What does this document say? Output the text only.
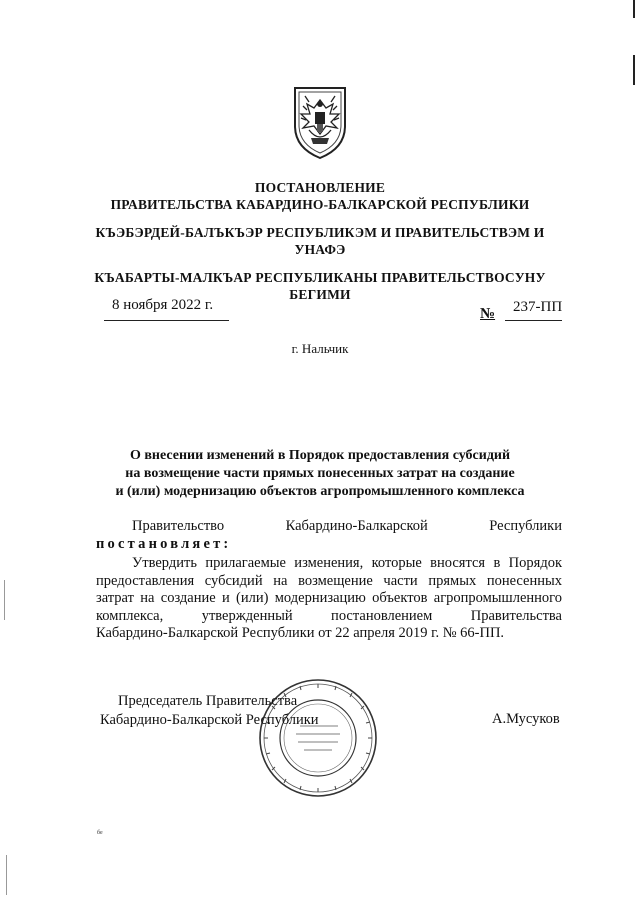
ПОСТАНОВЛЕНИЕ
ПРАВИТЕЛЬСТВА КАБАРДИНО-БАЛКАРСКОЙ РЕСПУБЛИКИ
КЪЭБЭРДЕЙ-БАЛЪКЪЭР РЕСПУБЛИКЭМ И ПРАВИТЕЛЬСТВЭМ И
УНАФЭ
КЪАБАРТЫ-МАЛКЪАР РЕСПУБЛИКАНЫ ПРАВИТЕЛЬСТВОСУНУ
БЕГИМИ
8 ноября 2022 г.
№ 237-ПП
г. Нальчик
О внесении изменений в Порядок предоставления субсидий
на возмещение части прямых понесенных затрат на создание
и (или) модернизацию объектов агропромышленного комплекса
Правительство Кабардино-Балкарской Республики
постановляет:
Утвердить прилагаемые изменения, которые вносятся в Порядок
предоставления субсидий на возмещение части прямых понесенных
затрат на создание и (или) модернизацию объектов агропромышленного
комплекса, утвержденный постановлением Правительства
Кабардино-Балкарской Республики от 22 апреля 2019 г. № 66-ПП.
Председатель Правительства
Кабардино-Балкарской Республики	А.Мусуков
бе
